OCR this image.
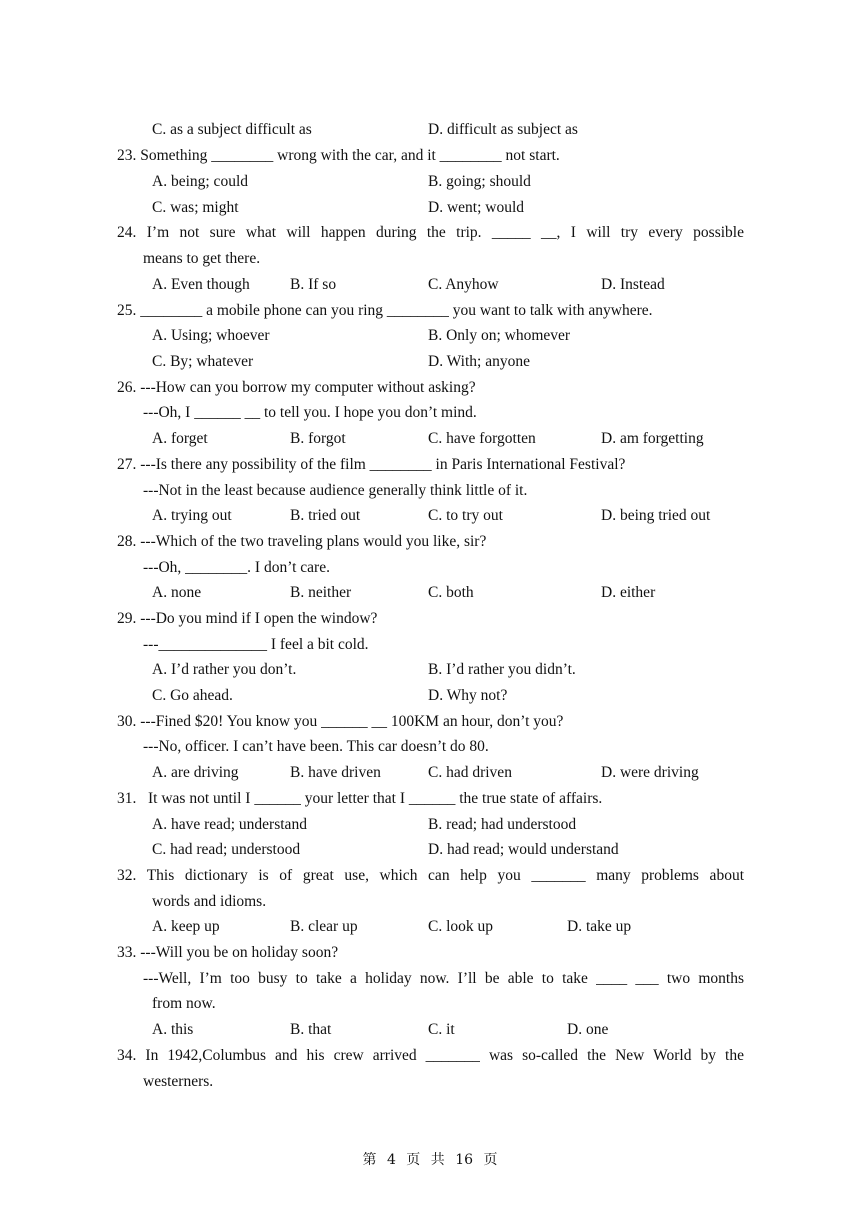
C. as a subject difficult as	D. difficult as subject as
23. Something ________ wrong with the car, and it ________ not start.
A. being; could	B. going; should
C. was; might	D. went; would
24. I’m not sure what will happen during the trip. _____ __, I will try every possible
means to get there.
A. Even though	B. If so	C. Anyhow	D. Instead
25. ________ a mobile phone can you ring ________ you want to talk with anywhere.
A. Using; whoever	B. Only on; whomever
C. By; whatever	D. With; anyone
26. ---How can you borrow my computer without asking?
---Oh, I ______ __ to tell you. I hope you don’t mind.
A. forget	B. forgot	C. have forgotten	D. am forgetting
27. ---Is there any possibility of the film ________ in Paris International Festival?
---Not in the least because audience generally think little of it.
A. trying out	B. tried out	C. to try out	D. being tried out
28. ---Which of the two traveling plans would you like, sir?
---Oh, ________. I don’t care.
A. none	B. neither	C. both	D. either
29. ---Do you mind if I open the window?
---______________ I feel a bit cold.
A. I’d rather you don’t.	B. I’d rather you didn’t.
C. Go ahead.	D. Why not?
30. ---Fined $20! You know you ______ __ 100KM an hour, don’t you?
---No, officer. I can’t have been. This car doesn’t do 80.
A. are driving	B. have driven	C. had driven	D. were driving
31.   It was not until I ______ your letter that I ______ the true state of affairs.
A. have read; understand	B. read; had understood
C. had read; understood	D. had read; would understand
32. This dictionary is of great use, which can help you _______ many problems about
words and idioms.
A. keep up	B. clear up	C. look up	D. take up
33. ---Will you be on holiday soon?
---Well, I’m too busy to take a holiday now. I’ll be able to take ____ ___ two months
from now.
A. this	B. that	C. it	D. one
34. In 1942,Columbus and his crew arrived _______ was so-called the New World by the
westerners.
第 4 页 共 16 页
